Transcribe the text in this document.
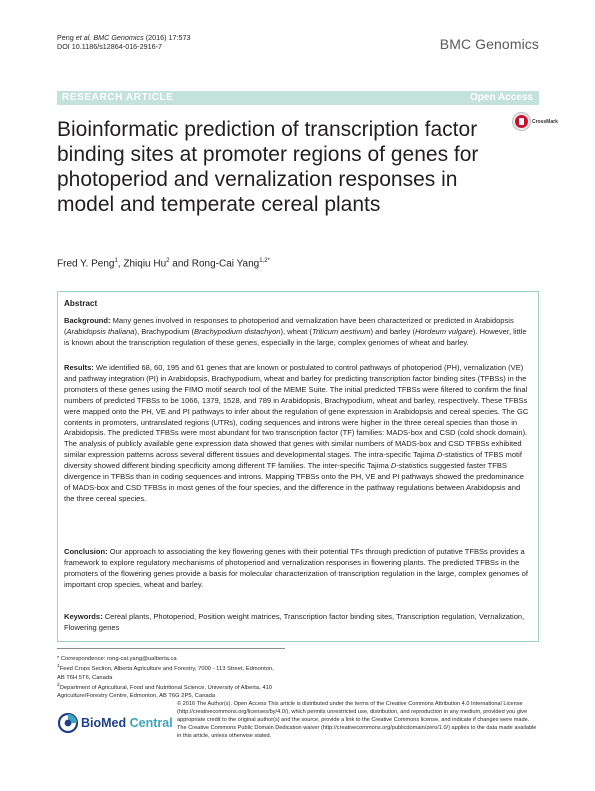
Peng et al. BMC Genomics (2016) 17:573
DOI 10.1186/s12864-016-2916-7	BMC Genomics
RESEARCH ARTICLE	Open Access
Bioinformatic prediction of transcription factor binding sites at promoter regions of genes for photoperiod and vernalization responses in model and temperate cereal plants
CrossMark
Fred Y. Peng$^1$, Zhiqiu Hu$^2$ and Rong-Cai Yang$^{1,2*}$
Abstract

Background: Many genes involved in responses to photoperiod and vernalization have been characterized or predicted in Arabidopsis (Arabidopsis thaliana), Brachypodium (Brachypodium distachyon), wheat (Triticum aestivum) and barley (Hordeum vulgare). However, little is known about the transcription regulation of these genes, especially in the large, complex genomes of wheat and barley.

Results: We identified 68, 60, 195 and 61 genes that are known or postulated to control pathways of photoperiod (PH), vernalization (VE) and pathway integration (PI) in Arabidopsis, Brachypodium, wheat and barley for predicting transcription factor binding sites (TFBSs) in the promoters of these genes using the FIMO motif search tool of the MEME Suite. The initial predicted TFBSs were filtered to confirm the final numbers of predicted TFBSs to be 1066, 1379, 1528, and 789 in Arabidopsis, Brachypodium, wheat and barley, respectively. These TFBSs were mapped onto the PH, VE and PI pathways to infer about the regulation of gene expression in Arabidopsis and cereal species. The GC contents in promoters, untranslated regions (UTRs), coding sequences and introns were higher in the three cereal species than those in Arabidopsis. The predicted TFBSs were most abundant for two transcription factor (TF) families: MADS-box and CSD (cold shock domain). The analysis of publicly available gene expression data showed that genes with similar numbers of MADS-box and CSD TFBSs exhibited similar expression patterns across several different tissues and developmental stages. The intra-specific Tajima D-statistics of TFBS motif diversity showed different binding specificity among different TF families. The inter-specific Tajima D-statistics suggested faster TFBS divergence in TFBSs than in coding sequences and introns. Mapping TFBSs onto the PH, VE and PI pathways showed the predominance of MADS-box and CSD TFBSs in most genes of the four species, and the difference in the pathway regulations between Arabidopsis and the three cereal species.

Conclusion: Our approach to associating the key flowering genes with their potential TFs through prediction of putative TFBSs provides a framework to explore regulatory mechanisms of photoperiod and vernalization responses in flowering plants. The predicted TFBSs in the promoters of the flowering genes provide a basis for molecular characterization of transcription regulation in the large, complex genomes of important crop species, wheat and barley.

Keywords: Cereal plants, Photoperiod, Position weight matrices, Transcription factor binding sites, Transcription regulation, Vernalization, Flowering genes

* Correspondence: rong-cai.yang@ualberta.ca
$^1$Feed Crops Section, Alberta Agriculture and Forestry, 7000 - 113 Street, Edmonton, AB T6H 5T6, Canada
$^2$Department of Agricultural, Food and Nutritional Science, University of Alberta, 410 Agriculture/Forestry Centre, Edmonton, AB T6G 2P5, Canada
BioMed Central
© 2016 The Author(s). Open Access This article is distributed under the terms of the Creative Commons Attribution 4.0 International License (http://creativecommons.org/licenses/by/4.0/), which permits unrestricted use, distribution, and reproduction in any medium, provided you give appropriate credit to the original author(s) and the source, provide a link to the Creative Commons license, and indicate if changes were made. The Creative Commons Public Domain Dedication waiver (http://creativecommons.org/publicdomain/zero/1.0/) applies to the data made available in this article, unless otherwise stated.
